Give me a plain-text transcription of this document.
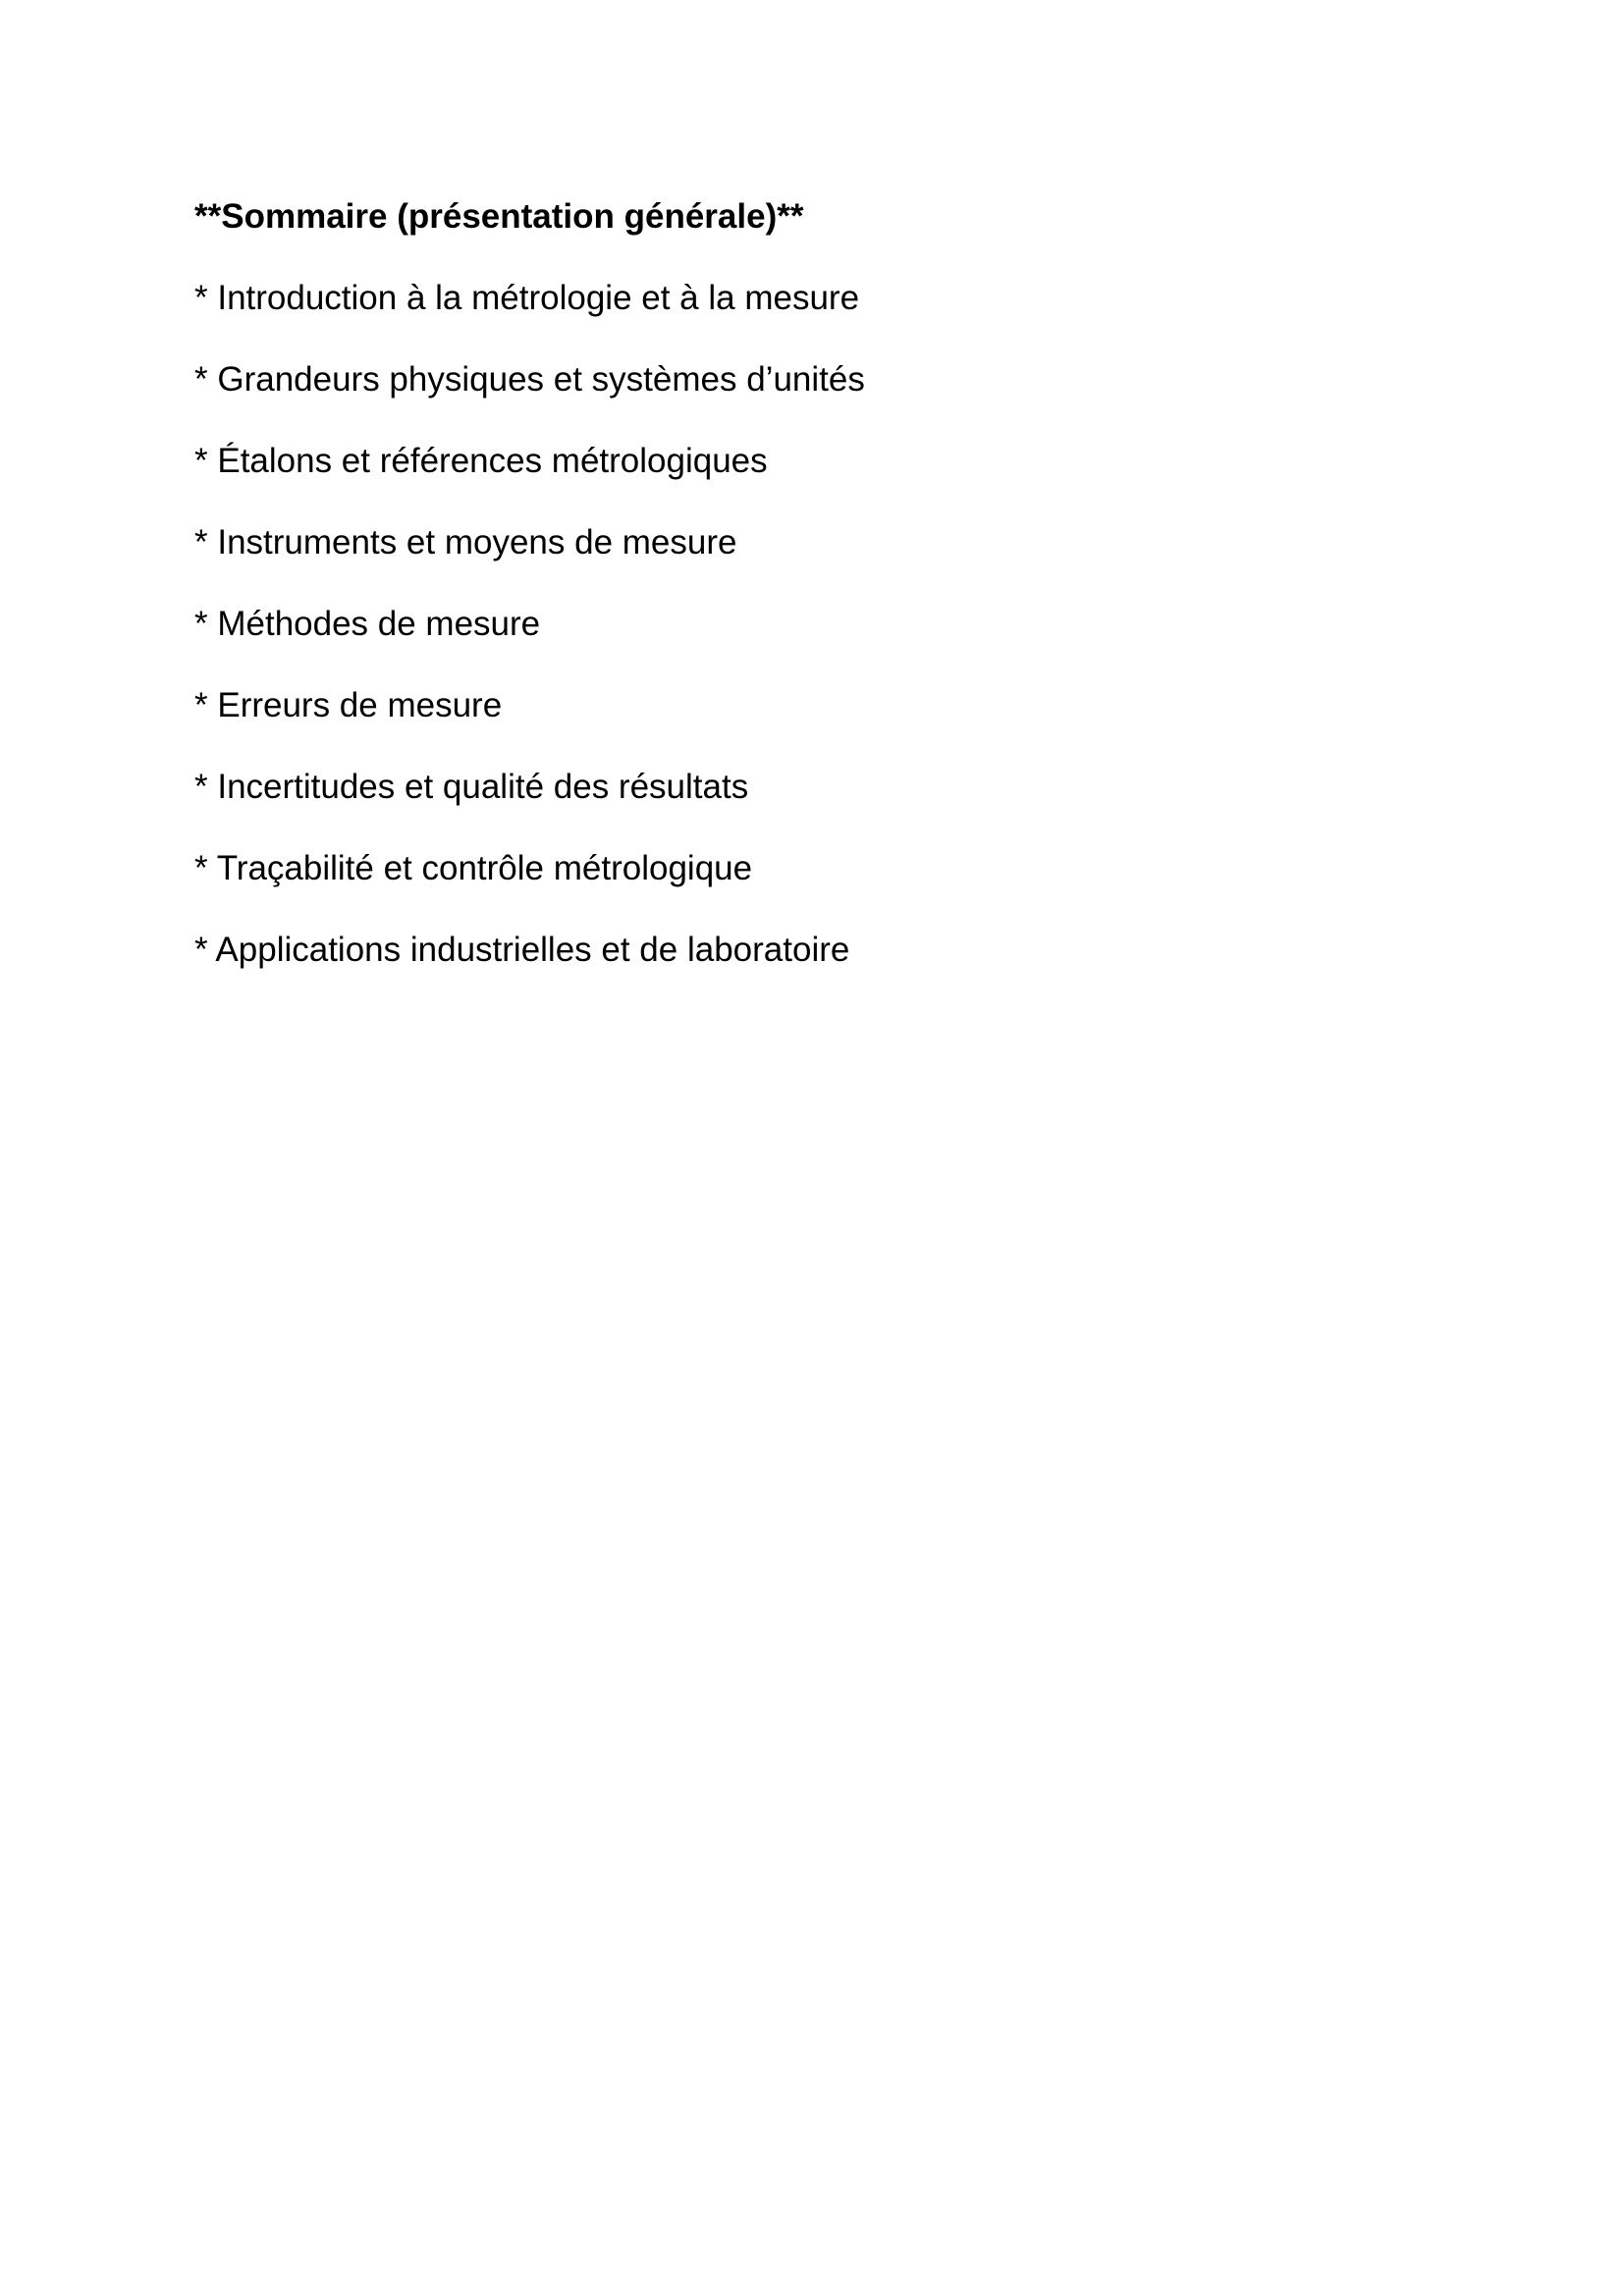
**Sommaire (présentation générale)**
* Introduction à la métrologie et à la mesure
* Grandeurs physiques et systèmes d’unités
* Étalons et références métrologiques
* Instruments et moyens de mesure
* Méthodes de mesure
* Erreurs de mesure
* Incertitudes et qualité des résultats
* Traçabilité et contrôle métrologique
* Applications industrielles et de laboratoire
